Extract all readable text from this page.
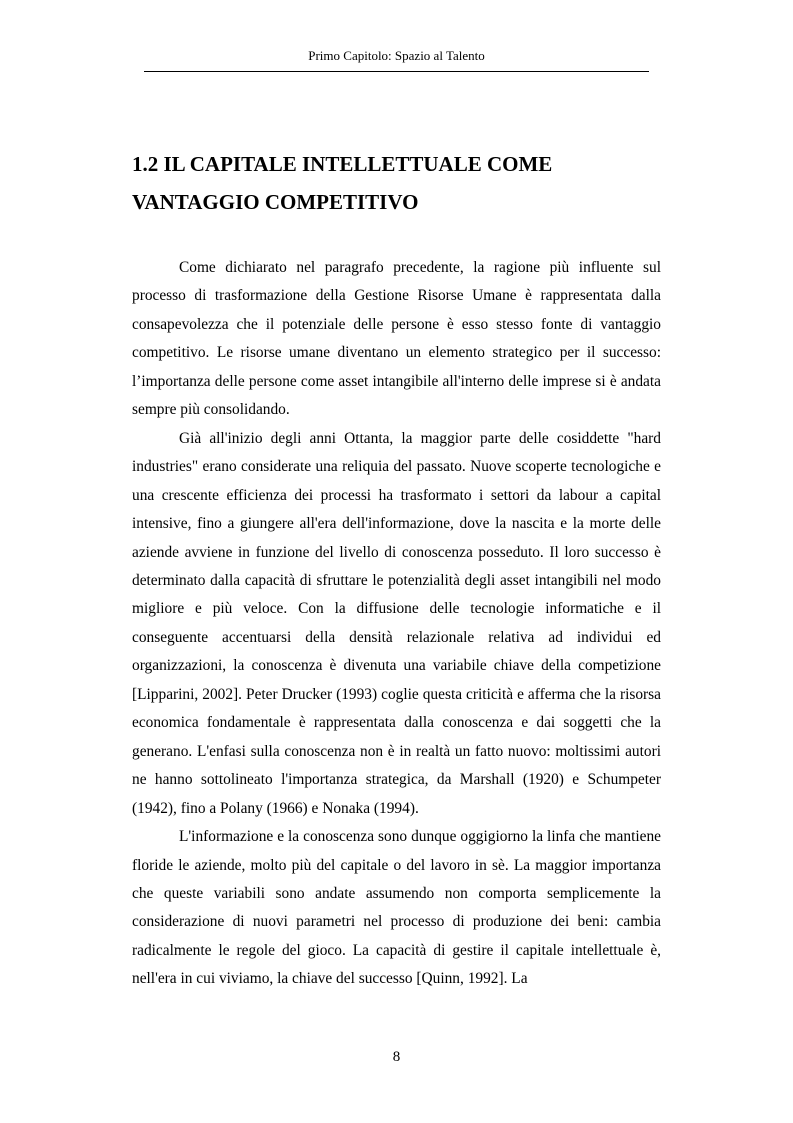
Primo Capitolo: Spazio al Talento
1.2 IL CAPITALE INTELLETTUALE COME VANTAGGIO COMPETITIVO

Come dichiarato nel paragrafo precedente, la ragione più influente sul processo di trasformazione della Gestione Risorse Umane è rappresentata dalla consapevolezza che il potenziale delle persone è esso stesso fonte di vantaggio competitivo. Le risorse umane diventano un elemento strategico per il successo: l’importanza delle persone come asset intangibile all'interno delle imprese si è andata sempre più consolidando.

Già all'inizio degli anni Ottanta, la maggior parte delle cosiddette "hard industries" erano considerate una reliquia del passato. Nuove scoperte tecnologiche e una crescente efficienza dei processi ha trasformato i settori da labour a capital intensive, fino a giungere all'era dell'informazione, dove la nascita e la morte delle aziende avviene in funzione del livello di conoscenza posseduto. Il loro successo è determinato dalla capacità di sfruttare le potenzialità degli asset intangibili nel modo migliore e più veloce. Con la diffusione delle tecnologie informatiche e il conseguente accentuarsi della densità relazionale relativa ad individui ed organizzazioni, la conoscenza è divenuta una variabile chiave della competizione [Lipparini, 2002]. Peter Drucker (1993) coglie questa criticità e afferma che la risorsa economica fondamentale è rappresentata dalla conoscenza e dai soggetti che la generano. L'enfasi sulla conoscenza non è in realtà un fatto nuovo: moltissimi autori ne hanno sottolineato l'importanza strategica, da Marshall (1920) e Schumpeter (1942), fino a Polany (1966) e Nonaka (1994).

L'informazione e la conoscenza sono dunque oggigiorno la linfa che mantiene floride le aziende, molto più del capitale o del lavoro in sè. La maggior importanza che queste variabili sono andate assumendo non comporta semplicemente la considerazione di nuovi parametri nel processo di produzione dei beni: cambia radicalmente le regole del gioco. La capacità di gestire il capitale intellettuale è, nell'era in cui viviamo, la chiave del successo [Quinn, 1992]. La

8
